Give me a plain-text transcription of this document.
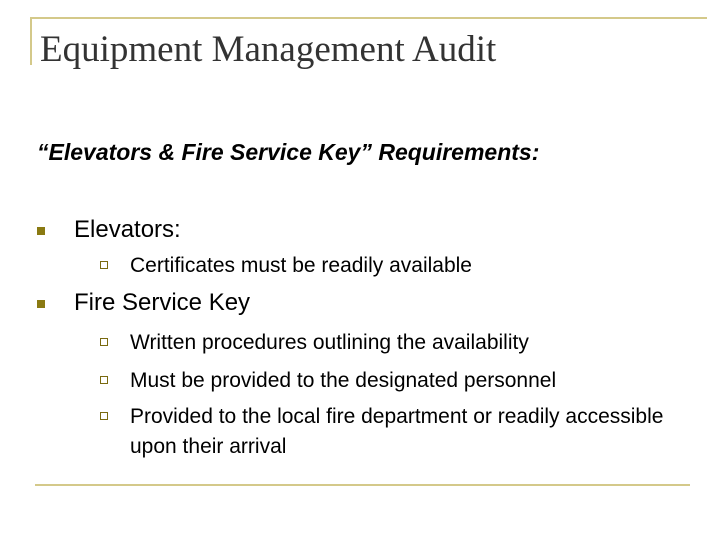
Equipment Management Audit

“Elevators & Fire Service Key” Requirements:

Elevators:
Certificates must be readily available
Fire Service Key
Written procedures outlining the availability
Must be provided to the designated personnel
Provided to the local fire department or readily accessible upon their arrival
